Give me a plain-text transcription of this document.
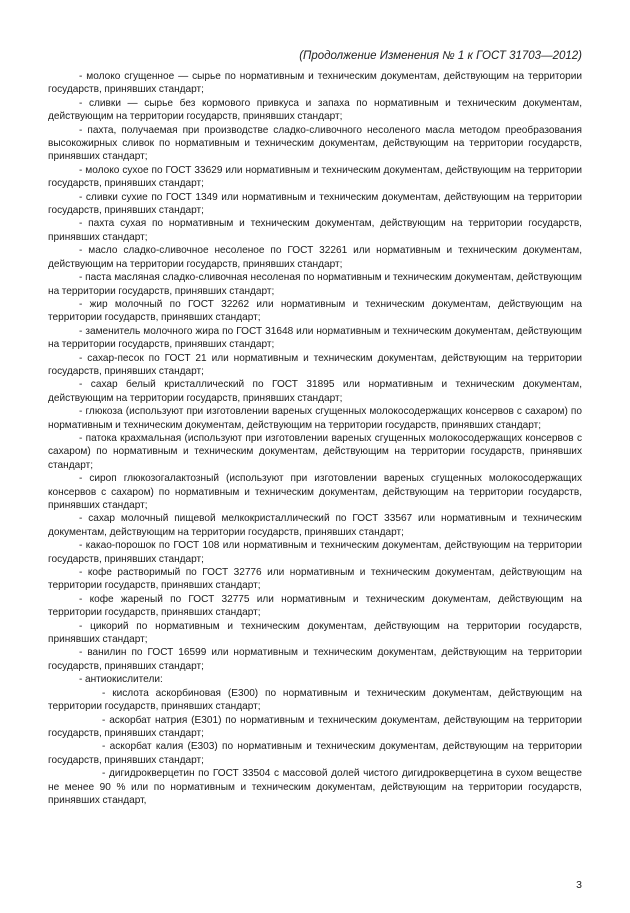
(Продолжение Изменения № 1 к ГОСТ 31703—2012)

- молоко сгущенное — сырье по нормативным и техническим документам, действующим на территории государств, принявших стандарт;

- сливки — сырье без кормового привкуса и запаха по нормативным и техническим документам, действующим на территории государств, принявших стандарт;

- пахта, получаемая при производстве сладко-сливочного несоленого масла методом преобразования высокожирных сливок по нормативным и техническим документам, действующим на территории государств, принявших стандарт;

- молоко сухое по ГОСТ 33629 или нормативным и техническим документам, действующим на территории государств, принявших стандарт;

- сливки сухие по ГОСТ 1349 или нормативным и техническим документам, действующим на территории государств, принявших стандарт;

- пахта сухая по нормативным и техническим документам, действующим на территории государств, принявших стандарт;

- масло сладко-сливочное несоленое по ГОСТ 32261 или нормативным и техническим документам, действующим на территории государств, принявших стандарт;

- паста масляная сладко-сливочная несоленая по нормативным и техническим документам, действующим на территории государств, принявших стандарт;

- жир молочный по ГОСТ 32262 или нормативным и техническим документам, действующим на территории государств, принявших стандарт;

- заменитель молочного жира по ГОСТ 31648 или нормативным и техническим документам, действующим на территории государств, принявших стандарт;

- сахар-песок по ГОСТ 21 или нормативным и техническим документам, действующим на территории государств, принявших стандарт;

- сахар белый кристаллический по ГОСТ 31895 или нормативным и техническим документам, действующим на территории государств, принявших стандарт;

- глюкоза (используют при изготовлении вареных сгущенных молокосодержащих консервов с сахаром) по нормативным и техническим документам, действующим на территории государств, принявших стандарт;

- патока крахмальная (используют при изготовлении вареных сгущенных молокосодержащих консервов с сахаром) по нормативным и техническим документам, действующим на территории государств, принявших стандарт;

- сироп глюкозогалактозный (используют при изготовлении вареных сгущенных молокосодержащих консервов с сахаром) по нормативным и техническим документам, действующим на территории государств, принявших стандарт;

- сахар молочный пищевой мелкокристаллический по ГОСТ 33567 или нормативным и техническим документам, действующим на территории государств, принявших стандарт;

- какао-порошок по ГОСТ 108 или нормативным и техническим документам, действующим на территории государств, принявших стандарт;

- кофе растворимый по ГОСТ 32776 или нормативным и техническим документам, действующим на территории государств, принявших стандарт;

- кофе жареный по ГОСТ 32775 или нормативным и техническим документам, действующим на территории государств, принявших стандарт;

- цикорий по нормативным и техническим документам, действующим на территории государств, принявших стандарт;

- ванилин по ГОСТ 16599 или нормативным и техническим документам, действующим на территории государств, принявших стандарт;

- антиокислители:

- кислота аскорбиновая (Е300) по нормативным и техническим документам, действующим на территории государств, принявших стандарт;

- аскорбат натрия (Е301) по нормативным и техническим документам, действующим на территории государств, принявших стандарт;

- аскорбат калия (Е303) по нормативным и техническим документам, действующим на территории государств, принявших стандарт;

- дигидрокверцетин по ГОСТ 33504 с массовой долей чистого дигидрокверцетина в сухом веществе не менее 90 % или по нормативным и техническим документам, действующим на территории государств, принявших стандарт,

3
